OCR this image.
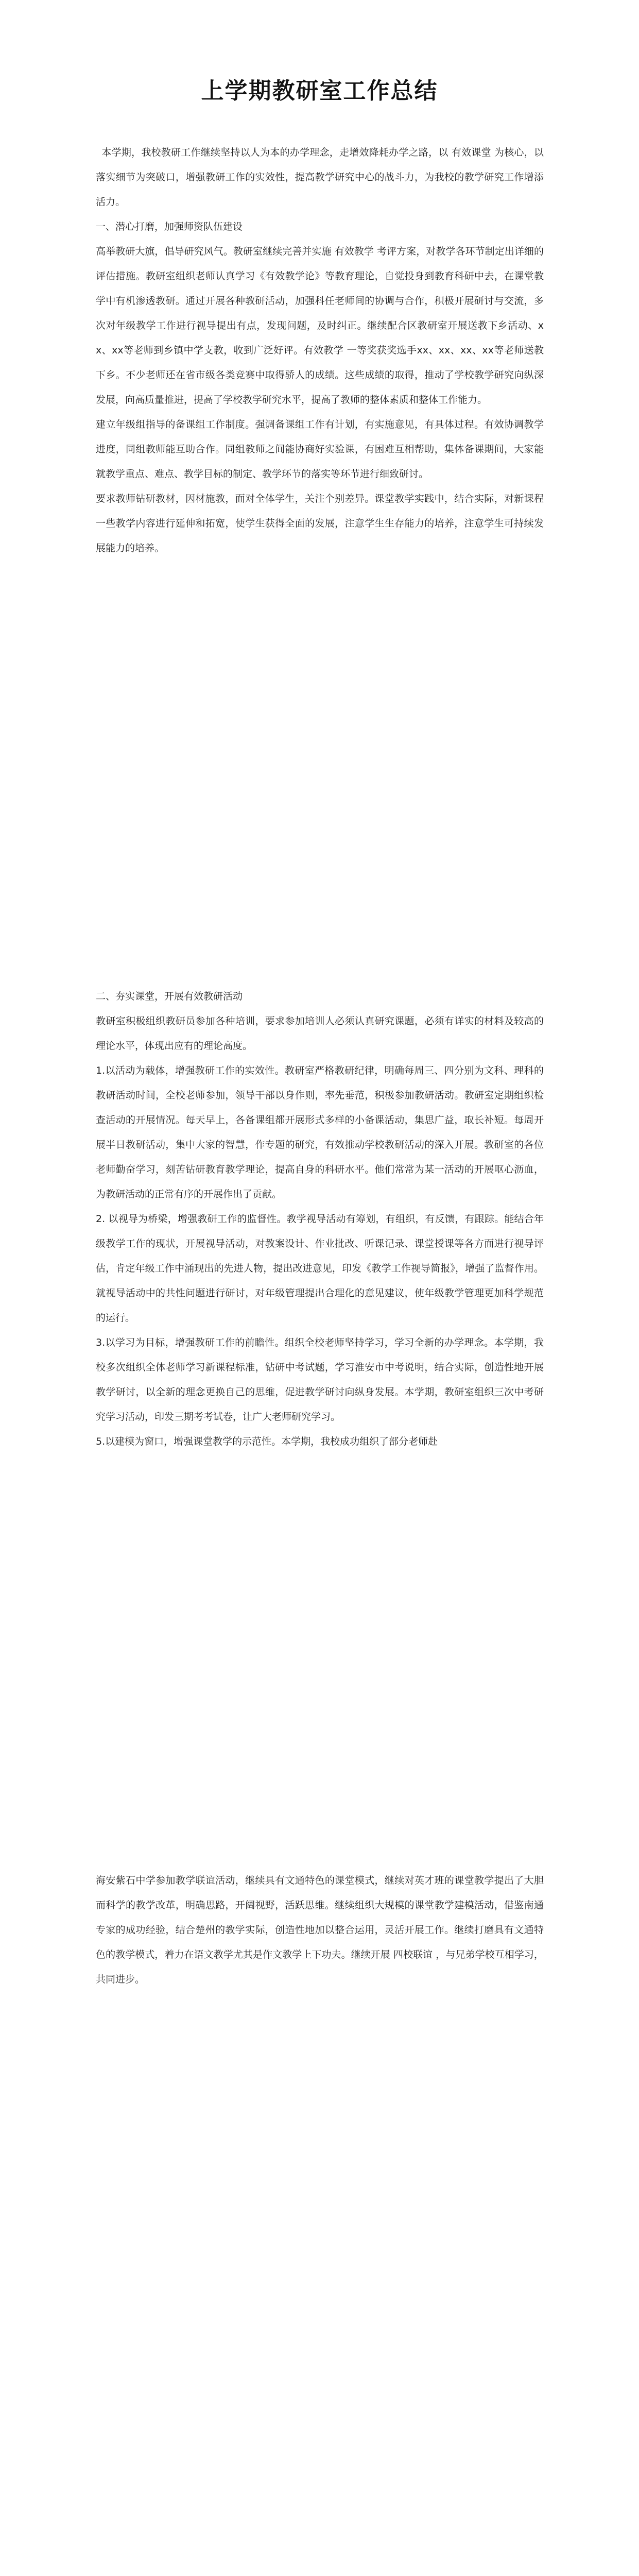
上学期教研室工作总结

本学期，我校教研工作继续坚持以人为本的办学理念，走增效降耗办学之路，以 有效课堂 为核心，以落实细节为突破口，增强教研工作的实效性，提高教学研究中心的战斗力，为我校的教学研究工作增添活力。

一、潜心打磨，加强师资队伍建设

高举教研大旗，倡导研究风气。教研室继续完善并实施 有效教学 考评方案，对教学各环节制定出详细的评估措施。教研室组织老师认真学习《有效教学论》等教育理论，自觉投身到教育科研中去，在课堂教学中有机渗透教研。通过开展各种教研活动，加强科任老师间的协调与合作，积极开展研讨与交流，多次对年级教学工作进行视导提出有点，发现问题，及时纠正。继续配合区教研室开展送教下乡活动、xx、xx等老师到乡镇中学支教，收到广泛好评。有效教学 一等奖获奖选手xx、xx、xx、xx等老师送教下乡。不少老师还在省市级各类竞赛中取得骄人的成绩。这些成绩的取得，推动了学校教学研究向纵深发展，向高质量推进，提高了学校教学研究水平，提高了教师的整体素质和整体工作能力。

建立年级组指导的备课组工作制度。强调备课组工作有计划，有实施意见，有具体过程。有效协调教学进度，同组教师能互助合作。同组教师之间能协商好实验课，有困难互相帮助，集体备课期间，大家能就教学重点、难点、教学目标的制定、教学环节的落实等环节进行细致研讨。

要求教师钻研教材，因材施教，面对全体学生，关注个别差异。课堂教学实践中，结合实际，对新课程一些教学内容进行延伸和拓宽，使学生获得全面的发展，注意学生生存能力的培养，注意学生可持续发展能力的培养。

二、夯实课堂，开展有效教研活动

教研室积极组织教研员参加各种培训，要求参加培训人必须认真研究课题，必须有详实的材料及较高的理论水平，体现出应有的理论高度。

1.以活动为载体，增强教研工作的实效性。教研室严格教研纪律，明确每周三、四分别为文科、理科的教研活动时间，全校老师参加，领导干部以身作则，率先垂范，积极参加教研活动。教研室定期组织检查活动的开展情况。每天早上，各备课组都开展形式多样的小备课活动，集思广益，取长补短。每周开展半日教研活动，集中大家的智慧，作专题的研究，有效推动学校教研活动的深入开展。教研室的各位老师勤奋学习，刻苦钻研教育教学理论，提高自身的科研水平。他们常常为某一活动的开展呕心沥血，为教研活动的正常有序的开展作出了贡献。

2. 以视导为桥梁，增强教研工作的监督性。教学视导活动有筹划，有组织，有反馈，有跟踪。能结合年级教学工作的现状，开展视导活动，对教案设计、作业批改、听课记录、课堂授课等各方面进行视导评估，肯定年级工作中涌现出的先进人物，提出改进意见，印发《教学工作视导简报》，增强了监督作用。就视导活动中的共性问题进行研讨，对年级管理提出合理化的意见建议，使年级教学管理更加科学规范的运行。

3.以学习为目标，增强教研工作的前瞻性。组织全校老师坚持学习，学习全新的办学理念。本学期，我校多次组织全体老师学习新课程标准，钻研中考试题，学习淮安市中考说明，结合实际，创造性地开展教学研讨，以全新的理念更换自己的思维，促进教学研讨向纵身发展。本学期，教研室组织三次中考研究学习活动，印发三期考考试卷，让广大老师研究学习。

5.以建模为窗口，增强课堂教学的示范性。本学期，我校成功组织了部分老师赴

海安紫石中学参加教学联谊活动，继续具有文通特色的课堂模式，继续对英才班的课堂教学提出了大胆而科学的教学改革，明确思路，开阔视野，活跃思维。继续组织大规模的课堂教学建模活动，借鉴南通专家的成功经验，结合楚州的教学实际，创造性地加以整合运用，灵活开展工作。继续打磨具有文通特色的教学模式，着力在语文教学尤其是作文教学上下功夫。继续开展 四校联谊 ，与兄弟学校互相学习，共同进步。
